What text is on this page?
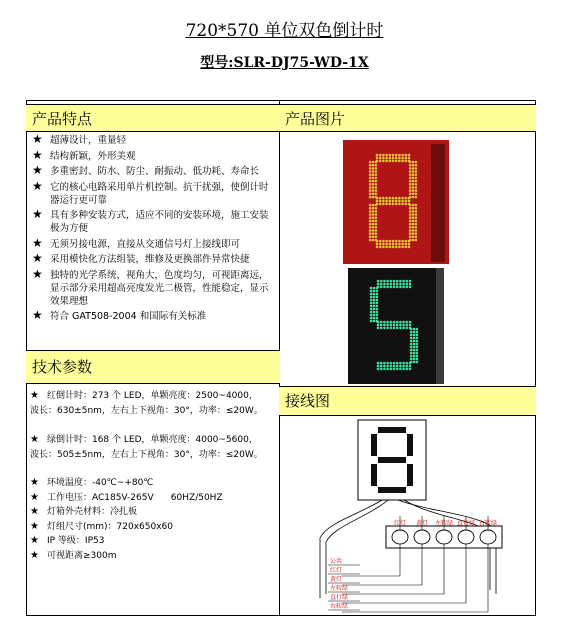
720*570 单位双色倒计时
型号:SLR-DJ75-WD-1X
产品特点	产品图片
技术参数
接线图
★ 超薄设计，重量轻
★ 结构新颖，外形美观
★ 多重密封、防水、防尘、耐振动、低功耗、寿命长
★ 它的核心电路采用单片机控制。抗干扰强，使倒计时器运行更可靠
★ 具有多种安装方式，适应不同的安装环境，施工安装极为方便
★ 无须另接电源，直接从交通信号灯上接线即可
★ 采用模快化方法组装，维修及更换部件异常快捷
★ 独特的光学系统，视角大，色度均匀，可视距离远，显示部分采用超高亮度发光二极管，性能稳定，显示效果理想
★ 符合 GAT508-2004 和国际有关标准
★ 红倒计时：273 个 LED，单颗亮度：2500~4000，
波长：630±5nm，左右上下视角：30°，功率：≤20W。
★ 绿倒计时：168 个 LED，单颗亮度：4000~5600，
波长：505±5nm，左右上下视角：30°，功率：≤20W。
★ 环境温度：-40℃~+80℃
★ 工作电压：AC185V-265V      60HZ/50HZ
★ 灯箱外壳材料：冷扎板
★ 灯组尺寸(mm)：720x650x60
★ IP 等级：IP53
★ 可视距离≥300m
红灯 黄灯 左转绿 直行绿 右转绿
公共
红灯
黄灯
左转绿
直行绿
右转绿
